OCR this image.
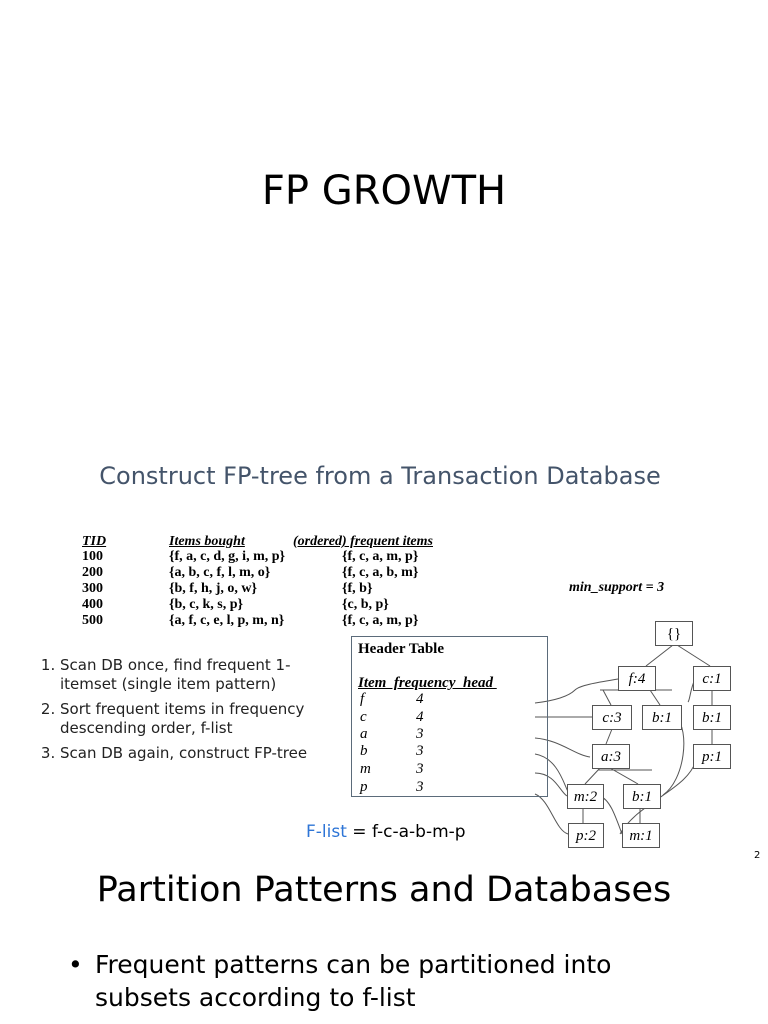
FP GROWTH
Construct FP-tree from a Transaction Database
TID	Items bought	(ordered) frequent items
100	{f, a, c, d, g, i, m, p}	{f, c, a, m, p}
200	{a, b, c, f, l, m, o}	{f, c, a, b, m}
300	{b, f, h, j, o, w}	{f, b}
400	{b, c, k, s, p}	{c, b, p}
500	{a, f, c, e, l, p, m, n}	{f, c, a, m, p}
min_support = 3
1. Scan DB once, find frequent 1-itemset (single item pattern)
2. Sort frequent items in frequency descending order, f-list
3. Scan DB again, construct FP-tree
Header Table
Item  frequency  head
f	4
c	4
a	3
b	3
m	3
p	3
{}
f:4	c:1
c:3	b:1	b:1
a:3	p:1
m:2	b:1
p:2	m:1
F-list = f-c-a-b-m-p
2
Partition Patterns and Databases
• Frequent patterns can be partitioned into subsets according to f-list
